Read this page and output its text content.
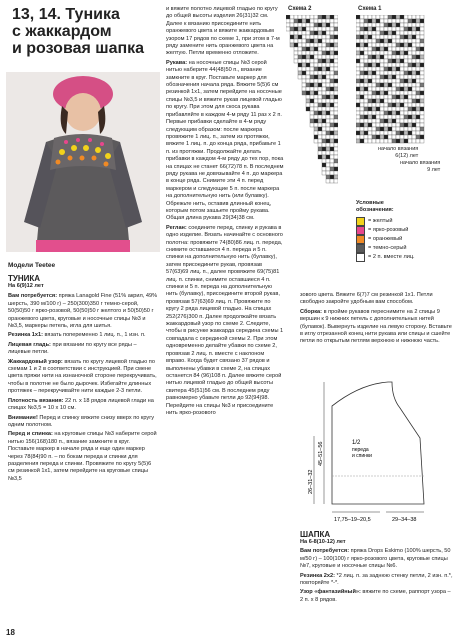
13, 14. Туника
с жаккардом
и розовая шапка
Модели Teetee
ТУНИКА
На 6(9)12 лет

Вам потребуется: пряжа Lanagold Fine (51% акрил, 49% шерсть, 390 м/100 г) – 250(300)350 г темно-серой, 50(50)50 г ярко-розовой, 50(50)50 г желтого и 50(50)50 г оранжевого цвета, круговые и носочные спицы №3 и №3,5, маркеры петель, игла для шитья.

Резинка 1х1: вязать попеременно 1 лиц. п., 1 изн. п.

Лицевая гладь: при вязании по кругу все ряды – лицевые петли.

Жаккардовый узор: вязать по кругу лицевой гладью по схемам 1 и 2 в соответствии с инструкцией. При смене цвета пряжи нити на изнаночной стороне перекручивать, чтобы в полотне не было дырочек. Избегайте длинных протяжек – перекручивайте нити каждые 2-3 петли.

Плотность вязания: 22 п. x 18 рядов лицевой глади на спицах №3,5 = 10 x 10 см.

Внимание! Перед и спинку вяжите снизу вверх по кругу одним полотном.

Перед и спинка: на круговые спицы №3 наберите серой нитью 156(168)180 п., вязание замкните в круг. Поставьте маркер в начале ряда и еще один маркер через 78(84)90 п. – по бокам переда и спинки для разделения переда и спинки. Провяжите по кругу 5(5)6 см резинкой 1х1, затем перейдите на круговые спицы №3,5

и вяжите полотно лицевой гладью по кругу до общей высоты изделия 26(31)32 см. Далее к вязанию присоедините нить оранжевого цвета и вяжите жаккардовым узором 17 рядов по схеме 1, при этом в 7-м ряду замените нить оранжевого цвета на желтую. Петли временно отложите.

Рукава: на носочные спицы №3 серой нитью наберите 44(48)50 п., вязание замкните в круг. Поставьте маркер для обозначения начала ряда. Вяжите 5(5)6 см резинкой 1х1, затем перейдите на носочные спицы №3,5 и вяжите рукав лицевой гладью по кругу. При этом для скоса рукава прибавляйте в каждом 4-м ряду 11 раз x 2 п. Первые прибавки сделайте в 4-м ряду следующим образом: после маркера провяжите 1 лиц. п., затем из протяжки, вяжите 1 лиц. п. до конца ряда, прибавьте 1 п. из протяжки. Продолжайте делать прибавки в каждом 4-м ряду до тех пор, пока на спицах не станет 66(72)78 п. В последнем ряду рукава не довязывайте 4 п. до маркера в конце ряда. Снимите эти 4 п. перед маркером и следующие 5 п. после маркера на дополнительную нить (или булавку). Обрежьте нить, оставив длинный конец, которым потом зашьете пройму рукава. Общая длина рукава 29(34)38 см.

Реглан: соедините перед, спинку и рукава в одно изделие. Вязать начинайте с основного полотна: провяжите 74(80)86 лиц. п. переда, снимите оставшиеся 4 п. переда и 5 п. спинки на дополнительную нить (булавку), затем присоедините рукав, провязав 57(63)69 лиц. п., далее провяжите 69(75)81 лиц. п. спинки, снимите оставшиеся 4 п. спинки и 5 п. переда на дополнительную нить (булавку), присоедините второй рукав, провязав 57(63)69 лиц. п. Провяжите по кругу 2 ряда лицевой гладью. На спицах 252(276)300 п. Далее продолжайте вязать жаккардовый узор по схеме 2. Следите, чтобы в рисунке жаккарда середина схемы 1 совпадала с серединой схемы 2. При этом одновременно делайте убавки по схеме 2, провязав 2 лиц. п. вместе с наклоном вправо. Когда будет связано 37 рядов и выполнены убавки в схеме 2, на спицах останется 84 (96)108 п. Далее вяжите серой нитью лицевой гладью до общей высоты свитера 45(51)56 см. В последнем ряду равномерно убавьте петли до 92(94)98. Перейдите на спицы №3 и присоедините нить ярко-розового

Схема 2	Схема 1
начало вязания
6(12) лет
начало вязания
9 лет
Условные
обозначения:
= желтый
= ярко-розовый
= оранжевый
= темно-серый
= 2 п. вместе лиц.

зового цвета. Вяжите 6(7)7 см резинкой 1х1. Петли свободно закройте удобным вам способом.

Сборка: в пройме рукавов переснимите на 2 спицы 9 вершин к 9 нижних петель с дополнительных нитей (булавок). Вывернуть изделие на левую сторону. Вставьте в иглу отрезанной конец нити рукава или спицы и сшейте петли по открытым петлям верхнюю и нижнюю часть.

1/2
переда
и спинки
17,75–19–20,5	29–34–38
45–51–56
26–31–32
ШАПКА
На 6-8(10-12) лет

Вам потребуется: пряжа Drops Eskimo (100% шерсть, 50 м/50 г) – 100(100) г ярко-розового цвета, круговые спицы №7, круговые и носочные спицы №6.

Резинка 2x2: *2 лиц. п. за заднюю стенку петли, 2 изн. п.*, повторяйте *-*.

Узор «фантазийный»: вяжите по схеме, раппорт узора – 2 п. x 8 рядов.

18
